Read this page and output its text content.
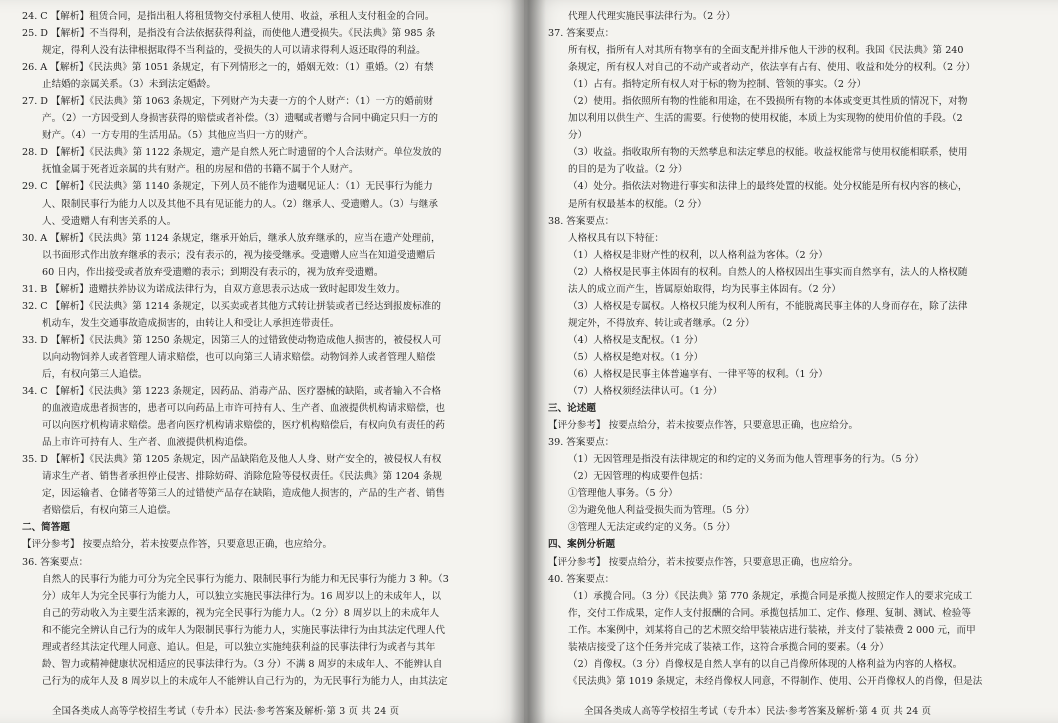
24. C 【解析】租赁合同，是指出租人将租赁物交付承租人使用、收益，承租人支付租金的合同。
25. D 【解析】不当得利，是指没有合法依据获得利益，而使他人遭受损失。《民法典》第 985 条
规定，得利人没有法律根据取得不当利益的，受损失的人可以请求得利人返还取得的利益。
26. A 【解析】《民法典》第 1051 条规定，有下列情形之一的，婚姻无效：（1）重婚。（2）有禁
止结婚的亲属关系。（3）未到法定婚龄。
27. D 【解析】《民法典》第 1063 条规定，下列财产为夫妻一方的个人财产：（1）一方的婚前财
产。（2）一方因受到人身损害获得的赔偿或者补偿。（3）遗嘱或者赠与合同中确定只归一方的
财产。（4）一方专用的生活用品。（5）其他应当归一方的财产。
28. D 【解析】《民法典》第 1122 条规定，遗产是自然人死亡时遗留的个人合法财产。单位发放的
抚恤金属于死者近亲属的共有财产。租的房屋和借的书籍不属于个人财产。
29. C 【解析】《民法典》第 1140 条规定，下列人员不能作为遗嘱见证人：（1）无民事行为能力
人、限制民事行为能力人以及其他不具有见证能力的人。（2）继承人、受遗赠人。（3）与继承
人、受遗赠人有利害关系的人。
30. A 【解析】《民法典》第 1124 条规定，继承开始后，继承人放弃继承的，应当在遗产处理前，
以书面形式作出放弃继承的表示；没有表示的，视为接受继承。受遗赠人应当在知道受遗赠后
60 日内，作出接受或者放弃受遗赠的表示；到期没有表示的，视为放弃受遗赠。
31. B 【解析】遗赠扶养协议为诺成法律行为，自双方意思表示达成一致时起即发生效力。
32. C 【解析】《民法典》第 1214 条规定，以买卖或者其他方式转让拼装或者已经达到报废标准的
机动车，发生交通事故造成损害的，由转让人和受让人承担连带责任。
33. D 【解析】《民法典》第 1250 条规定，因第三人的过错致使动物造成他人损害的，被侵权人可
以向动物饲养人或者管理人请求赔偿，也可以向第三人请求赔偿。动物饲养人或者管理人赔偿
后，有权向第三人追偿。
34. C 【解析】《民法典》第 1223 条规定，因药品、消毒产品、医疗器械的缺陷，或者输入不合格
的血液造成患者损害的，患者可以向药品上市许可持有人、生产者、血液提供机构请求赔偿，也
可以向医疗机构请求赔偿。患者向医疗机构请求赔偿的，医疗机构赔偿后，有权向负有责任的药
品上市许可持有人、生产者、血液提供机构追偿。
35. D 【解析】《民法典》第 1205 条规定，因产品缺陷危及他人人身、财产安全的，被侵权人有权
请求生产者、销售者承担停止侵害、排除妨碍、消除危险等侵权责任。《民法典》第 1204 条规
定，因运输者、仓储者等第三人的过错使产品存在缺陷，造成他人损害的，产品的生产者、销售
者赔偿后，有权向第三人追偿。
二、简答题
【评分参考】 按要点给分，若未按要点作答，只要意思正确，也应给分。
36. 答案要点：
自然人的民事行为能力可分为完全民事行为能力、限制民事行为能力和无民事行为能力 3 种。（3
分）成年人为完全民事行为能力人，可以独立实施民事法律行为。16 周岁以上的未成年人，以
自己的劳动收入为主要生活来源的，视为完全民事行为能力人。（2 分）8 周岁以上的未成年人
和不能完全辨认自己行为的成年人为限制民事行为能力人，实施民事法律行为由其法定代理人代
理或者经其法定代理人同意、追认。但是，可以独立实施纯获利益的民事法律行为或者与其年
龄、智力或精神健康状况相适应的民事法律行为。（3 分）不满 8 周岁的未成年人、不能辨认自
己行为的成年人及 8 周岁以上的未成年人不能辨认自己行为的，为无民事行为能力人，由其法定
全国各类成人高等学校招生考试（专升本）民法·参考答案及解析·第 3 页 共 24 页
代理人代理实施民事法律行为。（2 分）
37. 答案要点：
所有权，指所有人对其所有物享有的全面支配并排斥他人干涉的权利。我国《民法典》第 240
条规定，所有权人对自己的不动产或者动产，依法享有占有、使用、收益和处分的权利。（2 分）
（1）占有。指特定所有权人对于标的物为控制、管领的事实。（2 分）
（2）使用。指依照所有物的性能和用途，在不毁损所有物的本体或变更其性质的情况下，对物
加以利用以供生产、生活的需要。行使物的使用权能，本质上为实现物的使用价值的手段。（2
分）
（3）收益。指收取所有物的天然孳息和法定孳息的权能。收益权能常与使用权能相联系，使用
的目的是为了收益。（2 分）
（4）处分。指依法对物进行事实和法律上的最终处置的权能。处分权能是所有权内容的核心，
是所有权最基本的权能。（2 分）
38. 答案要点：
人格权具有以下特征：
（1）人格权是非财产性的权利，以人格利益为客体。（2 分）
（2）人格权是民事主体固有的权利。自然人的人格权因出生事实而自然享有，法人的人格权随
法人的成立而产生，皆属原始取得，均为民事主体固有。（2 分）
（3）人格权是专属权。人格权只能为权利人所有，不能脱离民事主体的人身而存在，除了法律
规定外，不得放弃、转让或者继承。（2 分）
（4）人格权是支配权。（1 分）
（5）人格权是绝对权。（1 分）
（6）人格权是民事主体普遍享有、一律平等的权利。（1 分）
（7）人格权须经法律认可。（1 分）
三、论述题
【评分参考】 按要点给分，若未按要点作答，只要意思正确，也应给分。
39. 答案要点：
（1）无因管理是指没有法律规定的和约定的义务而为他人管理事务的行为。（5 分）
（2）无因管理的构成要件包括：
①管理他人事务。（5 分）
②为避免他人利益受损失而为管理。（5 分）
③管理人无法定或约定的义务。（5 分）
四、案例分析题
【评分参考】 按要点给分，若未按要点作答，只要意思正确，也应给分。
40. 答案要点：
（1）承揽合同。（3 分）《民法典》第 770 条规定，承揽合同是承揽人按照定作人的要求完成工
作，交付工作成果，定作人支付报酬的合同。承揽包括加工、定作、修理、复制、测试、检验等
工作。本案例中，刘某将自己的艺术照交给甲装裱店进行装裱，并支付了装裱费 2 000 元，而甲
装裱店接受了这个任务并完成了装裱工作，这符合承揽合同的要素。（4 分）
（2）肖像权。（3 分）肖像权是自然人享有的以自己肖像所体现的人格利益为内容的人格权。
《民法典》第 1019 条规定，未经肖像权人同意，不得制作、使用、公开肖像权人的肖像，但是法
全国各类成人高等学校招生考试（专升本）民法·参考答案及解析·第 4 页 共 24 页
